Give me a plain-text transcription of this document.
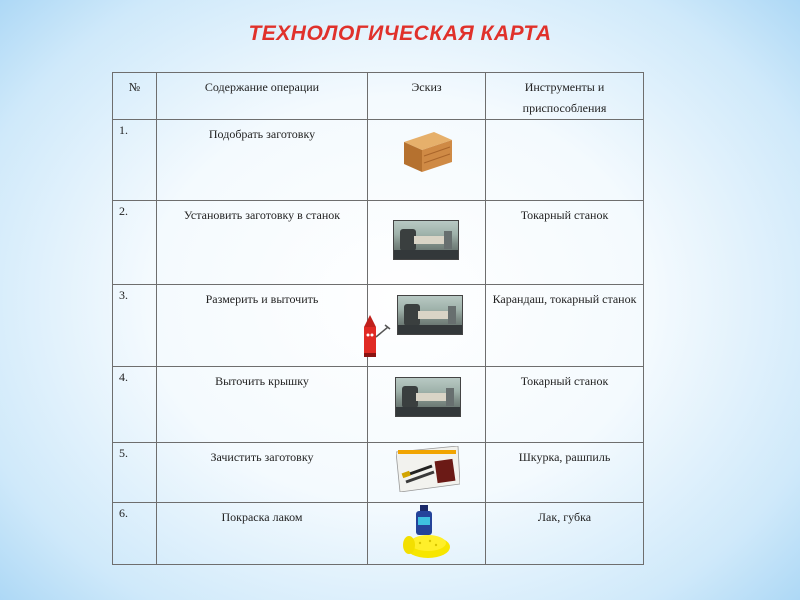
ТЕХНОЛОГИЧЕСКАЯ КАРТА
№	Содержание операции	Эскиз	Инструменты и приспособления
1.	Подобрать заготовку	

2.	Установить заготовку в станок		Токарный станок
3.	Размерить и выточить		Карандаш, токарный станок
4.	Выточить крышку		Токарный станок
5.	Зачистить заготовку		Шкурка, рашпиль
6.	Покраска лаком		Лак, губка
